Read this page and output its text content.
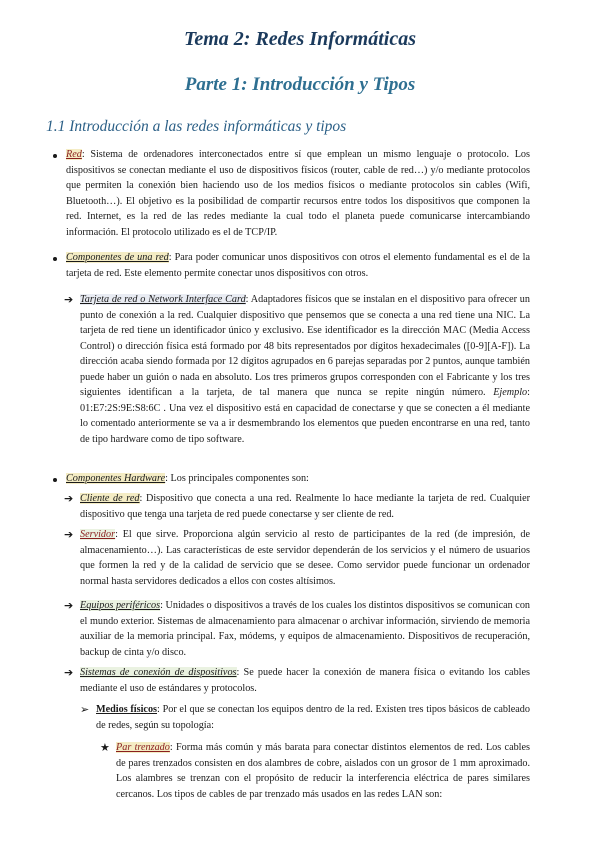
Tema 2: Redes Informáticas
Parte 1: Introducción y Tipos
1.1 Introducción a las redes informáticas y tipos
Red: Sistema de ordenadores interconectados entre sí que emplean un mismo lenguaje o protocolo. Los dispositivos se conectan mediante el uso de dispositivos físicos (router, cable de red…) y/o mediante protocolos que permiten la conexión bien haciendo uso de los medios físicos o mediante protocolos sin cables (Wifi, Bluetooth…). El objetivo es la posibilidad de compartir recursos entre todos los dispositivos que componen la red. Internet, es la red de las redes mediante la cual todo el planeta puede comunicarse intercambiando información. El protocolo utilizado es el de TCP/IP.
Componentes de una red: Para poder comunicar unos dispositivos con otros el elemento fundamental es el de la tarjeta de red. Este elemento permite conectar unos dispositivos con otros.
➔ Tarjeta de red o Network Interface Card: Adaptadores físicos que se instalan en el dispositivo para ofrecer un punto de conexión a la red. Cualquier dispositivo que pensemos que se conecta a una red tiene una NIC. La tarjeta de red tiene un identificador único y exclusivo. Ese identificador es la dirección MAC (Media Access Control) o dirección física está formado por 48 bits representados por dígitos hexadecimales ([0-9][A-F]). La dirección acaba siendo formada por 12 dígitos agrupados en 6 parejas separadas por 2 puntos, aunque también puede haber un guión o nada en absoluto. Los tres primeros grupos corresponden con el Fabricante y los tres siguientes identifican a la tarjeta, de tal manera que nunca se repite ningún número. Ejemplo: 01:E7:2S:9E:S8:6C . Una vez el dispositivo está en capacidad de conectarse y que se conecten a él mediante lo comentado anteriormente se va a ir desmembrando los elementos que pueden encontrarse en una red, tanto de tipo hardware como de tipo software.
Componentes Hardware: Los principales componentes son:
➔ Cliente de red: Dispositivo que conecta a una red. Realmente lo hace mediante la tarjeta de red. Cualquier dispositivo que tenga una tarjeta de red puede conectarse y ser cliente de red.
➔ Servidor: El que sirve. Proporciona algún servicio al resto de participantes de la red (de impresión, de almacenamiento…). Las características de este servidor dependerán de los servicios y el número de usuarios que formen la red y de la calidad de servicio que se desee. Como servidor puede funcionar un ordenador normal hasta servidores dedicados a ellos con costes altísimos.
➔ Equipos periféricos: Unidades o dispositivos a través de los cuales los distintos dispositivos se comunican con el mundo exterior. Sistemas de almacenamiento para almacenar o archivar información, sirviendo de memoria auxiliar de la memoria principal. Fax, módems, y equipos de almacenamiento. Dispositivos de recuperación, backup de cinta y/o disco.
➔ Sistemas de conexión de dispositivos: Se puede hacer la conexión de manera física o evitando los cables mediante el uso de estándares y protocolos.
➢ Medios físicos: Por el que se conectan los equipos dentro de la red. Existen tres tipos básicos de cableado de redes, según su topología:
★ Par trenzado: Forma más común y más barata para conectar distintos elementos de red. Los cables de pares trenzados consisten en dos alambres de cobre, aislados con un grosor de 1 mm aproximado. Los alambres se trenzan con el propósito de reducir la interferencia eléctrica de pares similares cercanos. Los tipos de cables de par trenzado más usados en las redes LAN son:
